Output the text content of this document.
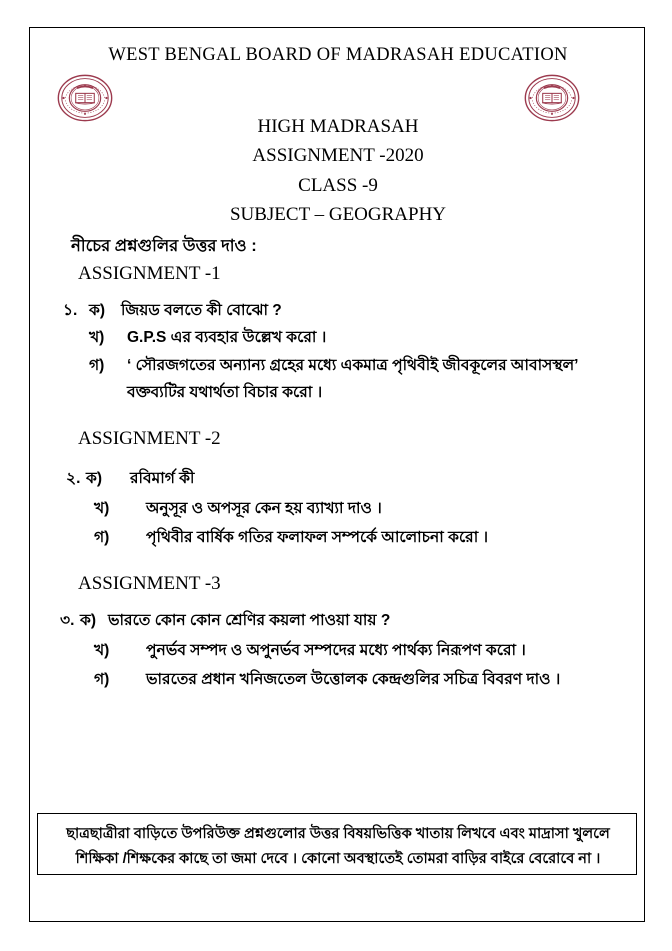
WEST BENGAL BOARD OF MADRASAH EDUCATION
HIGH MADRASAH
ASSIGNMENT -2020
CLASS -9
SUBJECT – GEOGRAPHY
নীচের প্রশ্নগুলির উত্তর দাও :
ASSIGNMENT -1
১. ক)	জিয়ড বলতে কী বোঝো ?
খ)	G.P.S এর ব্যবহার উল্লেখ করো ।
গ)	‘ সৌরজগতের অন্যান্য গ্রহের মধ্যে একমাত্র পৃথিবীই জীবকূলের আবাসস্থল’
বক্তব্যটির যথার্থতা বিচার করো ।
ASSIGNMENT -2
২. ক)	রবিমার্গ কী
খ)	অনুসূর ও অপসূর কেন হয় ব্যাখ্যা দাও ।
গ)	পৃথিবীর বার্ষিক গতির ফলাফল সম্পর্কে আলোচনা করো ।
ASSIGNMENT -3
৩. ক) ভারতে কোন কোন শ্রেণির কয়লা পাওয়া যায় ?
খ)	পুনর্ভব সম্পদ ও অপুনর্ভব সম্পদের মধ্যে পার্থক্য নিরূপণ করো ।
গ)	ভারতের প্রধান খনিজতেল উত্তোলক কেন্দ্রগুলির সচিত্র বিবরণ দাও ।
ছাত্রছাত্রীরা বাড়িতে উপরিউক্ত প্রশ্নগুলোর উত্তর বিষয়ভিত্তিক খাতায় লিখবে এবং মাদ্রাসা খুললে
শিক্ষিকা /শিক্ষকের কাছে তা জমা দেবে । কোনো অবস্থাতেই তোমরা বাড়ির বাইরে বেরোবে না ।
